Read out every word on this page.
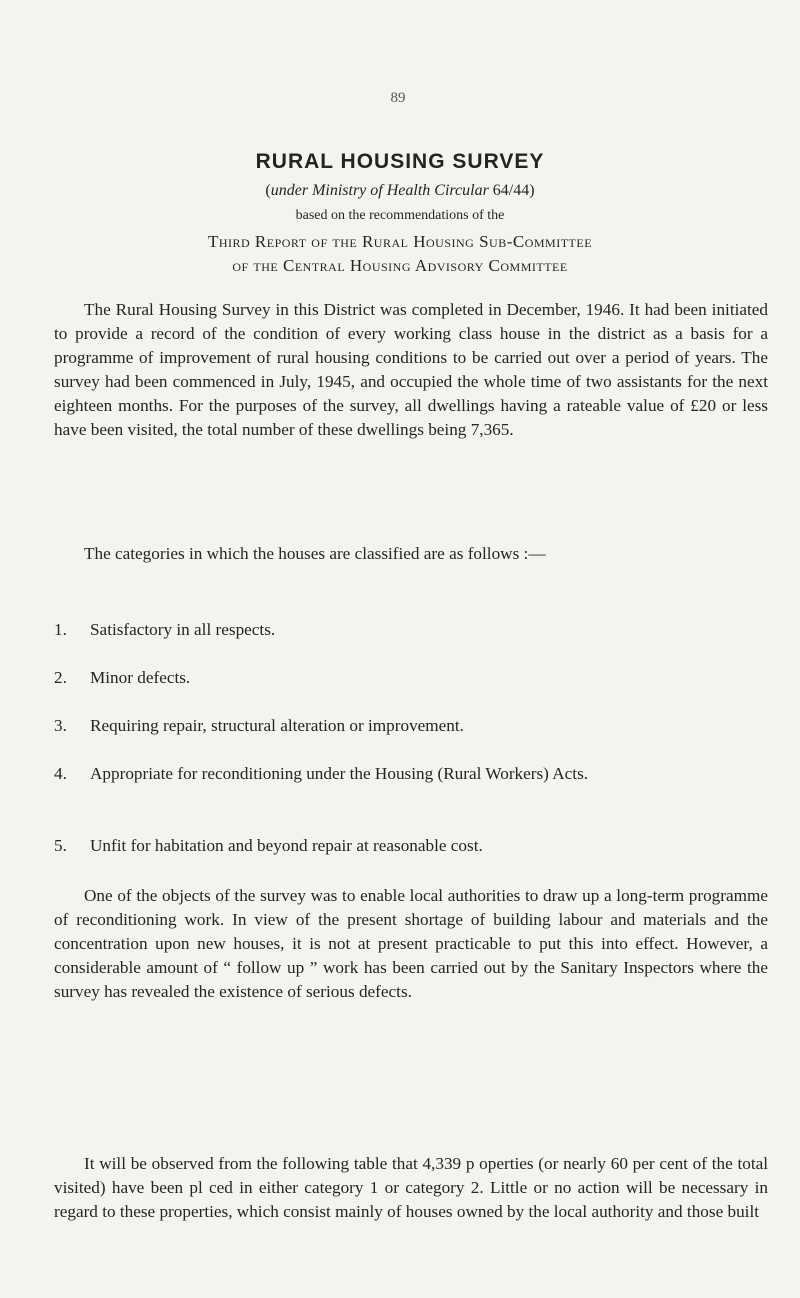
89
RURAL HOUSING SURVEY
(under Ministry of Health Circular 64/44)
based on the recommendations of the
Third Report of the Rural Housing Sub-Committee
of the Central Housing Advisory Committee

The Rural Housing Survey in this District was completed in December, 1946. It had been initiated to provide a record of the condition of every working class house in the district as a basis for a programme of improvement of rural housing conditions to be carried out over a period of years. The survey had been commenced in July, 1945, and occupied the whole time of two assistants for the next eighteen months. For the purposes of the survey, all dwellings having a rateable value of £20 or less have been visited, the total number of these dwellings being 7,365.

The categories in which the houses are classified are as follows :—

1.	Satisfactory in all respects.
2.	Minor defects.
3.	Requiring repair, structural alteration or improvement.
4.	Appropriate for reconditioning under the Housing (Rural Workers) Acts.
5.	Unfit for habitation and beyond repair at reasonable cost.

One of the objects of the survey was to enable local authorities to draw up a long-term programme of reconditioning work. In view of the present shortage of building labour and materials and the concentration upon new houses, it is not at present practicable to put this into effect. However, a considerable amount of “ follow up ” work has been carried out by the Sanitary Inspectors where the survey has revealed the existence of serious defects.

It will be observed from the following table that 4,339 p operties (or nearly 60 per cent of the total visited) have been pl ced in either category 1 or category 2. Little or no action will be necessary in regard to these properties, which consist mainly of houses owned by the local authority and those built
